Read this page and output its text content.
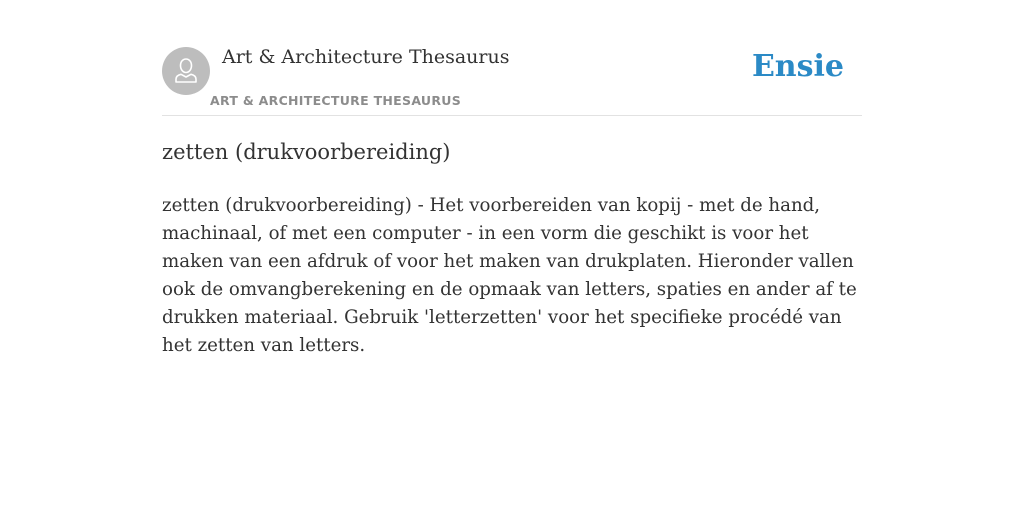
Art & Architecture Thesaurus
ART & ARCHITECTURE THESAURUS
Ensie
zetten (drukvoorbereiding)

zetten (drukvoorbereiding) - Het voorbereiden van kopij - met de hand, machinaal, of met een computer - in een vorm die geschikt is voor het maken van een afdruk of voor het maken van drukplaten. Hieronder vallen ook de omvangberekening en de opmaak van letters, spaties en ander af te drukken materiaal. Gebruik 'letterzetten' voor het specifieke procédé van het zetten van letters.
